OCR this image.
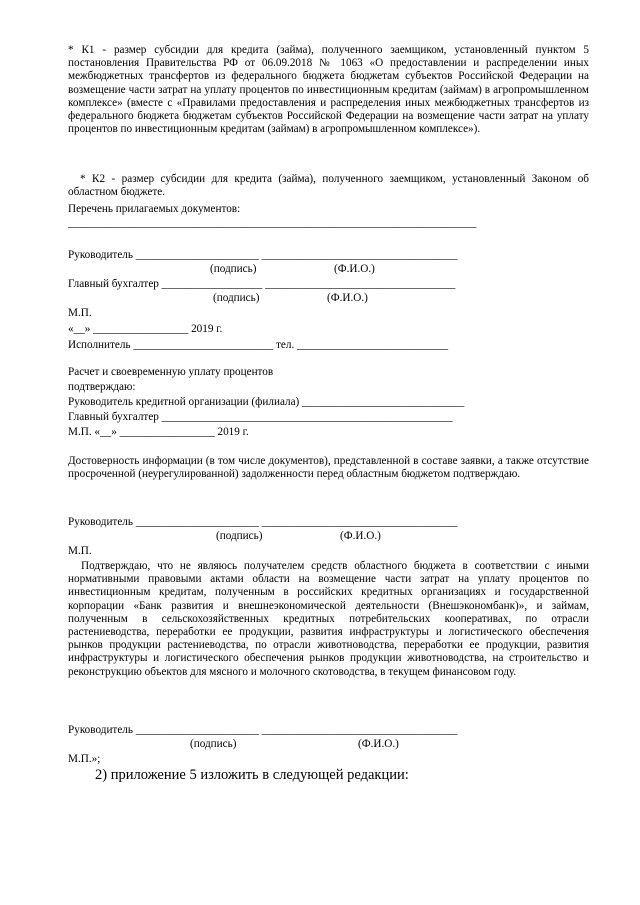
* К1 - размер субсидии для кредита (займа), полученного заемщиком, установленный пунктом 5 постановления Правительства РФ от 06.09.2018 № 1063 «О предоставлении и распределении иных межбюджетных трансфертов из федерального бюджета бюджетам субъектов Российской Федерации на возмещение части затрат на уплату процентов по инвестиционным кредитам (займам) в агропромышленном комплексе» (вместе с «Правилами предоставления и распределения иных межбюджетных трансфертов из федерального бюджета бюджетам субъектов Российской Федерации на возмещение части затрат на уплату процентов по инвестиционным кредитам (займам) в агропромышленном комплексе»).

* К2 - размер субсидии для кредита (займа), полученного заемщиком, установленный Законом об областном бюджете.

Перечень прилагаемых документов:
_________________________________________________________________________
Руководитель ______________________ ___________________________________
(подпись)	(Ф.И.О.)
Главный бухгалтер __________________ __________________________________
(подпись)	(Ф.И.О.)
М.П.
«__» _________________ 2019 г.
Исполнитель _________________________ тел. ___________________________
Расчет и своевременную уплату процентов
подтверждаю:
Руководитель кредитной организации (филиала) _____________________________
Главный бухгалтер ____________________________________________________
М.П. «__» _________________ 2019 г.

Достоверность информации (в том числе документов), представленной в составе заявки, а также отсутствие просроченной (неурегулированной) задолженности перед областным бюджетом подтверждаю.

Руководитель ______________________ ___________________________________
(подпись)	(Ф.И.О.)
М.П.

Подтверждаю, что не являюсь получателем средств областного бюджета в соответствии с иными нормативными правовыми актами области на возмещение части затрат на уплату процентов по инвестиционным кредитам, полученным в российских кредитных организациях и государственной корпорации «Банк развития и внешнеэкономической деятельности (Внешэкономбанк)», и займам, полученным в сельскохозяйственных кредитных потребительских кооперативах, по отрасли растениеводства, переработки ее продукции, развития инфраструктуры и логистического обеспечения рынков продукции растениеводства, по отрасли животноводства, переработки ее продукции, развития инфраструктуры и логистического обеспечения рынков продукции животноводства, на строительство и реконструкцию объектов для мясного и молочного скотоводства, в текущем финансовом году.

Руководитель ______________________ ___________________________________
(подпись)	(Ф.И.О.)
М.П.»;
2) приложение 5 изложить в следующей редакции:
